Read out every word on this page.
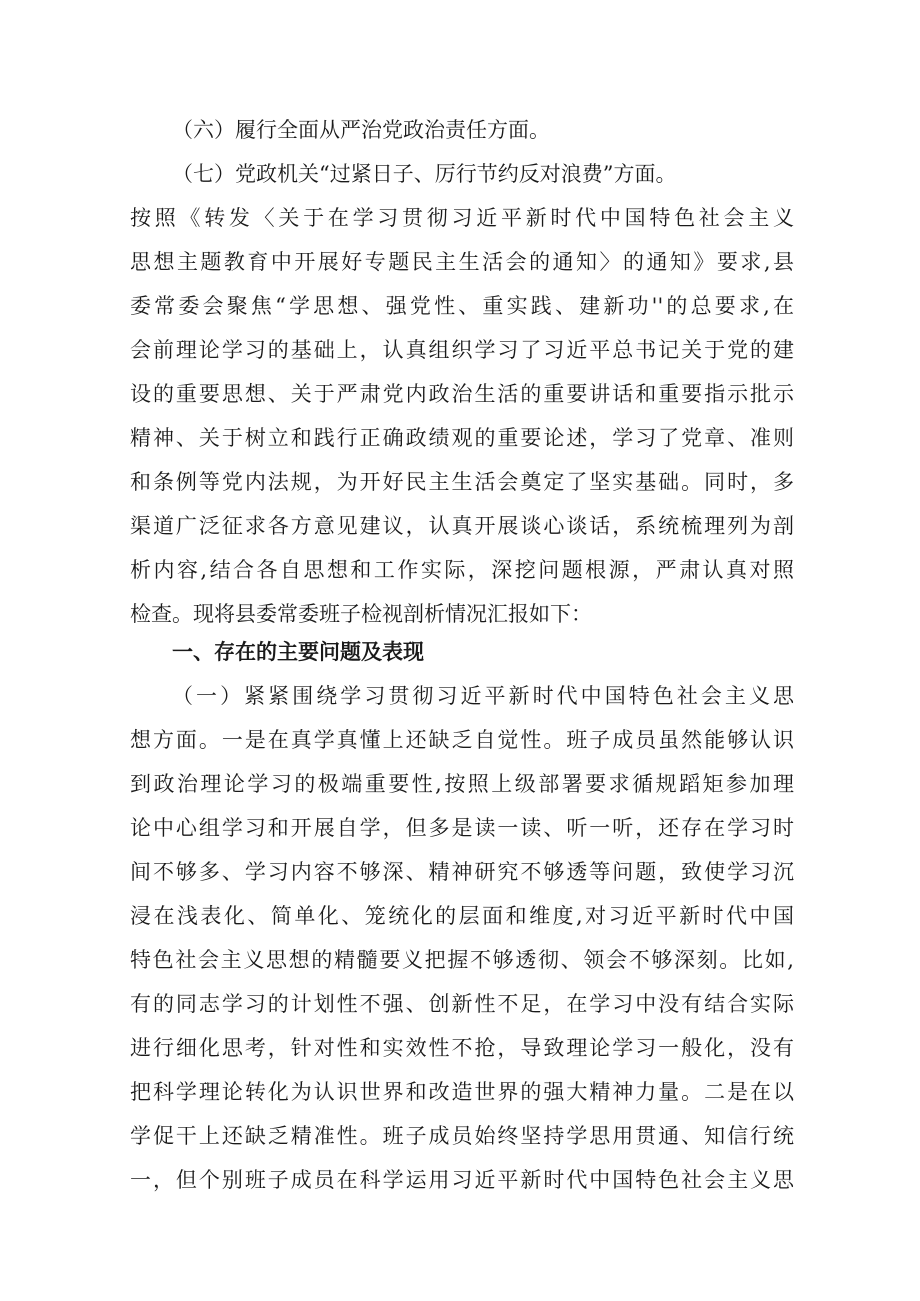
（六）履行全面从严治党政治责任方面。

（七）党政机关“过紧日子、厉行节约反对浪费”方面。

按照《转发〈关于在学习贯彻习近平新时代中国特色社会主义

思想主题教育中开展好专题民主生活会的通知〉的通知》要求,县

委常委会聚焦“学思想、强党性、重实践、建新功''的总要求,在

会前理论学习的基础上，认真组织学习了习近平总书记关于党的建

设的重要思想、关于严肃党内政治生活的重要讲话和重要指示批示

精神、关于树立和践行正确政绩观的重要论述，学习了党章、准则

和条例等党内法规，为开好民主生活会奠定了坚实基础。同时，多

渠道广泛征求各方意见建议，认真开展谈心谈话，系统梳理列为剖

析内容,结合各自思想和工作实际，深挖问题根源，严肃认真对照

检查。现将县委常委班子检视剖析情况汇报如下：

一、存在的主要问题及表现

（一）紧紧围绕学习贯彻习近平新时代中国特色社会主义思

想方面。一是在真学真懂上还缺乏自觉性。班子成员虽然能够认识

到政治理论学习的极端重要性,按照上级部署要求循规蹈矩参加理

论中心组学习和开展自学，但多是读一读、听一听，还存在学习时

间不够多、学习内容不够深、精神研究不够透等问题，致使学习沉

浸在浅表化、简单化、笼统化的层面和维度,对习近平新时代中国

特色社会主义思想的精髓要义把握不够透彻、领会不够深刻。比如,

有的同志学习的计划性不强、创新性不足，在学习中没有结合实际

进行细化思考，针对性和实效性不抢，导致理论学习一般化，没有

把科学理论转化为认识世界和改造世界的强大精神力量。二是在以

学促干上还缺乏精准性。班子成员始终坚持学思用贯通、知信行统

一，但个别班子成员在科学运用习近平新时代中国特色社会主义思
